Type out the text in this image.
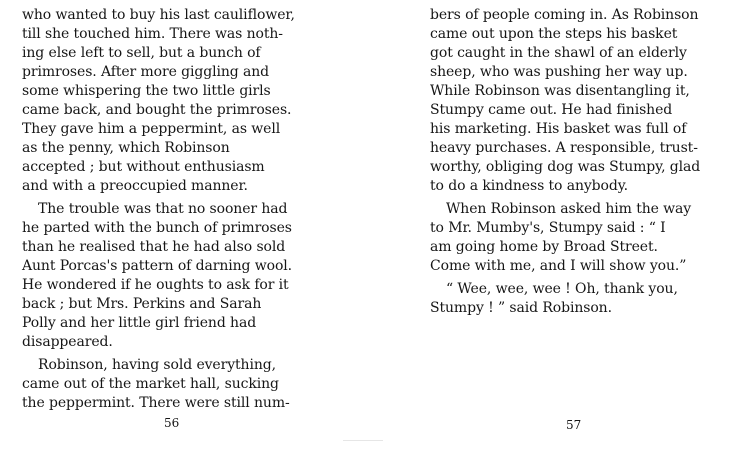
who wanted to buy his last cauliflower,
till she touched him. There was noth-
ing else left to sell, but a bunch of
primroses. After more giggling and
some whispering the two little girls
came back, and bought the primroses.
They gave him a peppermint, as well
as the penny, which Robinson
accepted ; but without enthusiasm
and with a preoccupied manner.
The trouble was that no sooner had
he parted with the bunch of primroses
than he realised that he had also sold
Aunt Porcas's pattern of darning wool.
He wondered if he oughts to ask for it
back ; but Mrs. Perkins and Sarah
Polly and her little girl friend had
disappeared.
Robinson, having sold everything,
came out of the market hall, sucking
the peppermint. There were still num-
56
bers of people coming in. As Robinson
came out upon the steps his basket
got caught in the shawl of an elderly
sheep, who was pushing her way up.
While Robinson was disentangling it,
Stumpy came out. He had finished
his marketing. His basket was full of
heavy purchases. A responsible, trust-
worthy, obliging dog was Stumpy, glad
to do a kindness to anybody.
When Robinson asked him the way
to Mr. Mumby's, Stumpy said : “ I
am going home by Broad Street.
Come with me, and I will show you.”
“ Wee, wee, wee ! Oh, thank you,
Stumpy ! ” said Robinson.
57
